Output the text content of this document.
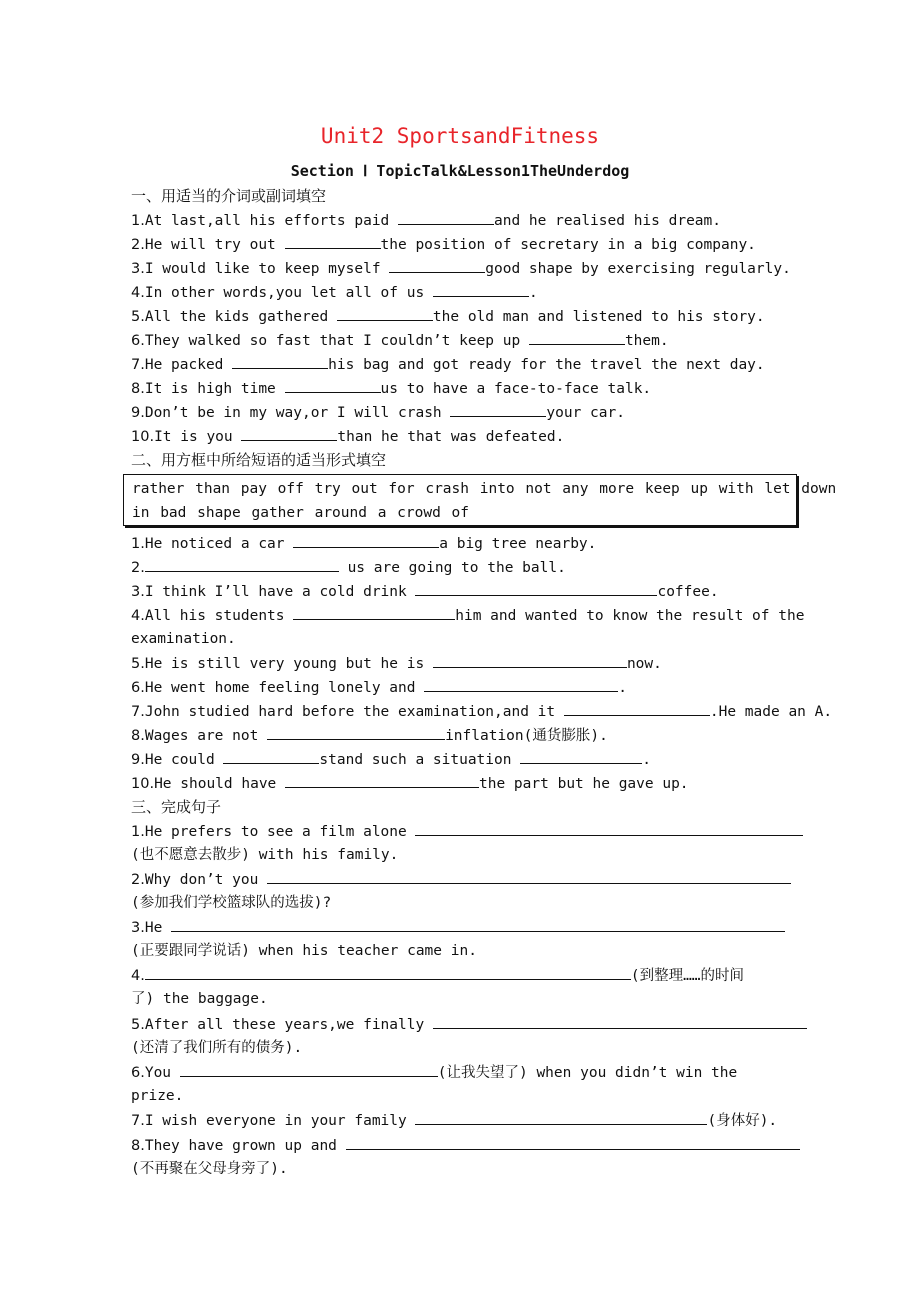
Unit2 SportsandFitness
Section Ⅰ TopicTalk&Lesson1TheUnderdog
一、用适当的介词或副词填空
1.At last,all his efforts paid	and he realised his dream.
2.He will try out	the position of secretary in a big company.
3.I would like to keep myself	good shape by exercising regularly.
4.In other words,you let all of us	.
5.All the kids gathered	the old man and listened to his story.
6.They walked so fast that I couldn’t keep up	them.
7.He packed	his bag and got ready for the travel the next day.
8.It is high time	us to have a face-to-face talk.
9.Don’t be in my way,or I will crash	your car.
10.It is you	than he that was defeated.
二、用方框中所给短语的适当形式填空
rather than pay off try out for crash into not any more keep up with let down
in bad shape gather around a crowd of
1.He noticed a car	a big tree nearby.
2.	us are going to the ball.
3.I think I’ll have a cold drink	coffee.
4.All his students	him and wanted to know the result of the
examination.
5.He is still very young but he is	now.
6.He went home feeling lonely and	.
7.John studied hard before the examination,and it	.He made an A.
8.Wages are not	inflation(通货膨胀).
9.He could	stand such a situation	.
10.He should have	the part but he gave up.
三、完成句子
1.He prefers to see a film alone
(也不愿意去散步) with his family.
2.Why don’t you
(参加我们学校篮球队的选拔)?
3.He
(正要跟同学说话) when his teacher came in.
4.	(到整理……的时间
了) the baggage.
5.After all these years,we finally
(还清了我们所有的债务).
6.You	(让我失望了) when you didn’t win the
prize.
7.I wish everyone in your family	(身体好).
8.They have grown up and
(不再聚在父母身旁了).
